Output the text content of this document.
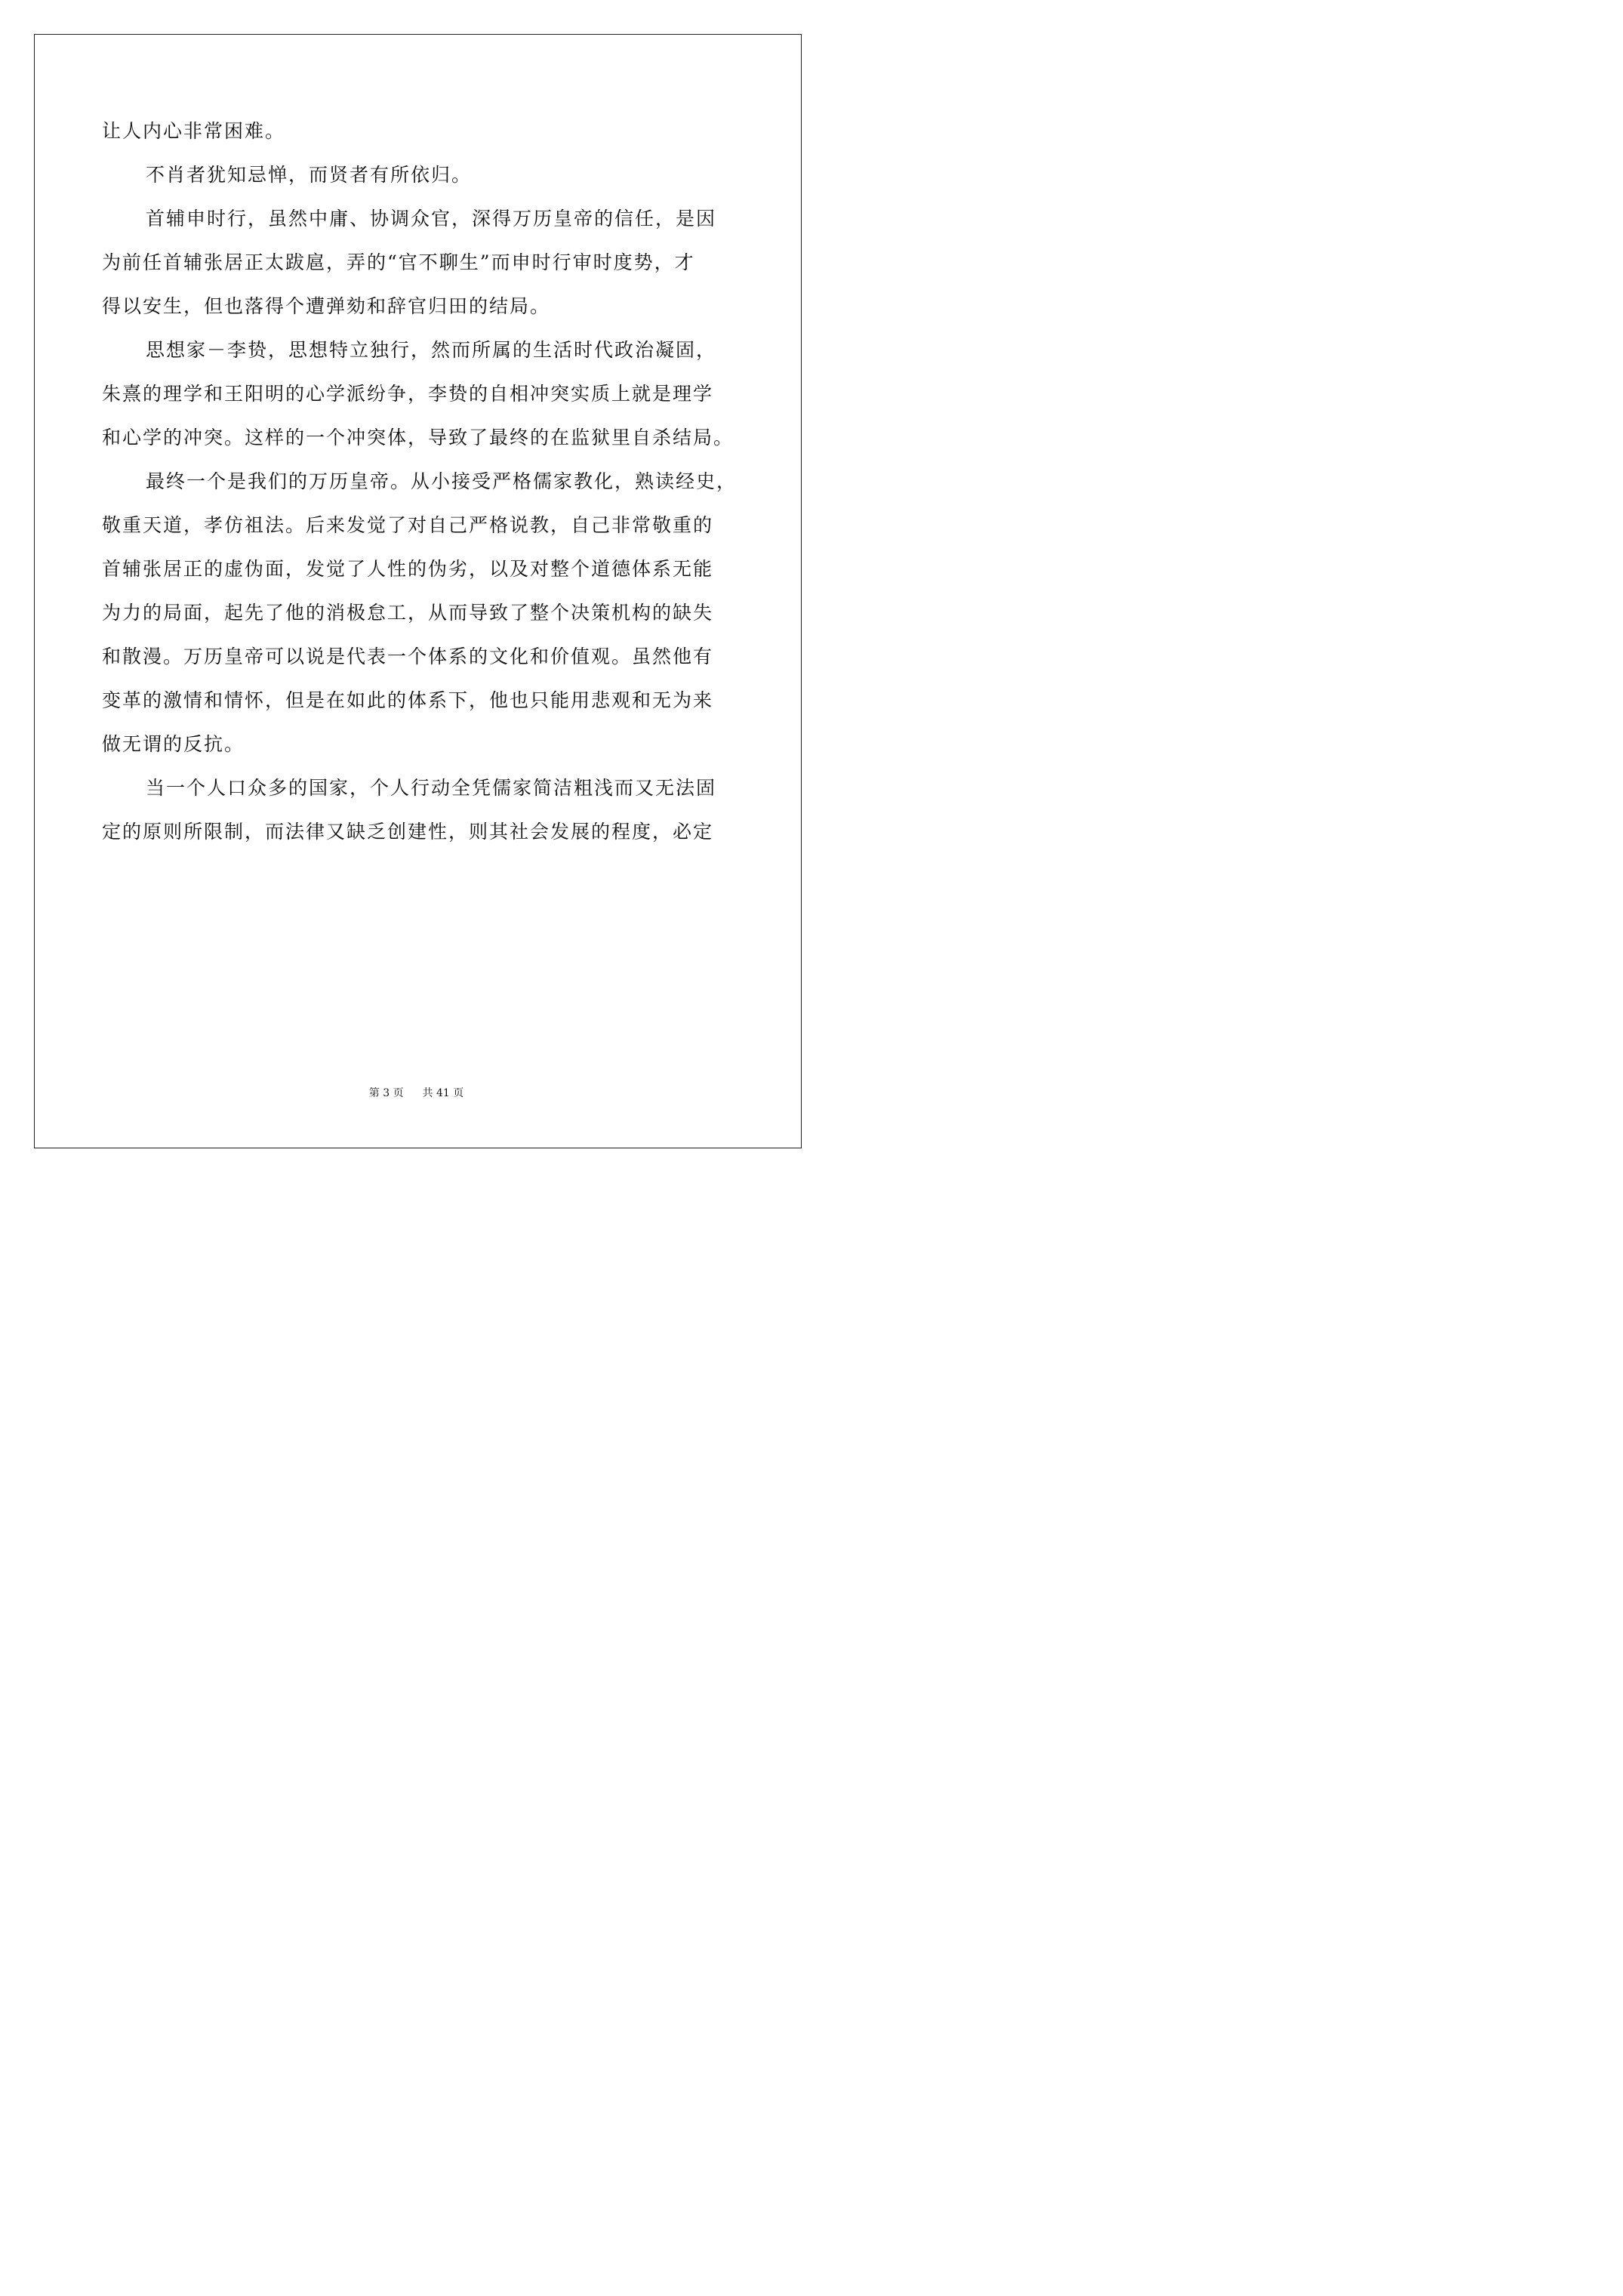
让人内心非常困难。
不肖者犹知忌惮，而贤者有所依归。
首辅申时行，虽然中庸、协调众官，深得万历皇帝的信任，是因
为前任首辅张居正太跋扈，弄的“官不聊生”而申时行审时度势，才
得以安生，但也落得个遭弹劾和辞官归田的结局。
思想家－李贽，思想特立独行，然而所属的生活时代政治凝固，
朱熹的理学和王阳明的心学派纷争，李贽的自相冲突实质上就是理学
和心学的冲突。这样的一个冲突体，导致了最终的在监狱里自杀结局。
最终一个是我们的万历皇帝。从小接受严格儒家教化，熟读经史，
敬重天道，孝仿祖法。后来发觉了对自己严格说教，自己非常敬重的
首辅张居正的虚伪面，发觉了人性的伪劣，以及对整个道德体系无能
为力的局面，起先了他的消极怠工，从而导致了整个决策机构的缺失
和散漫。万历皇帝可以说是代表一个体系的文化和价值观。虽然他有
变革的激情和情怀，但是在如此的体系下，他也只能用悲观和无为来
做无谓的反抗。
当一个人口众多的国家，个人行动全凭儒家简洁粗浅而又无法固
定的原则所限制，而法律又缺乏创建性，则其社会发展的程度，必定
第 3 页 共 41 页
